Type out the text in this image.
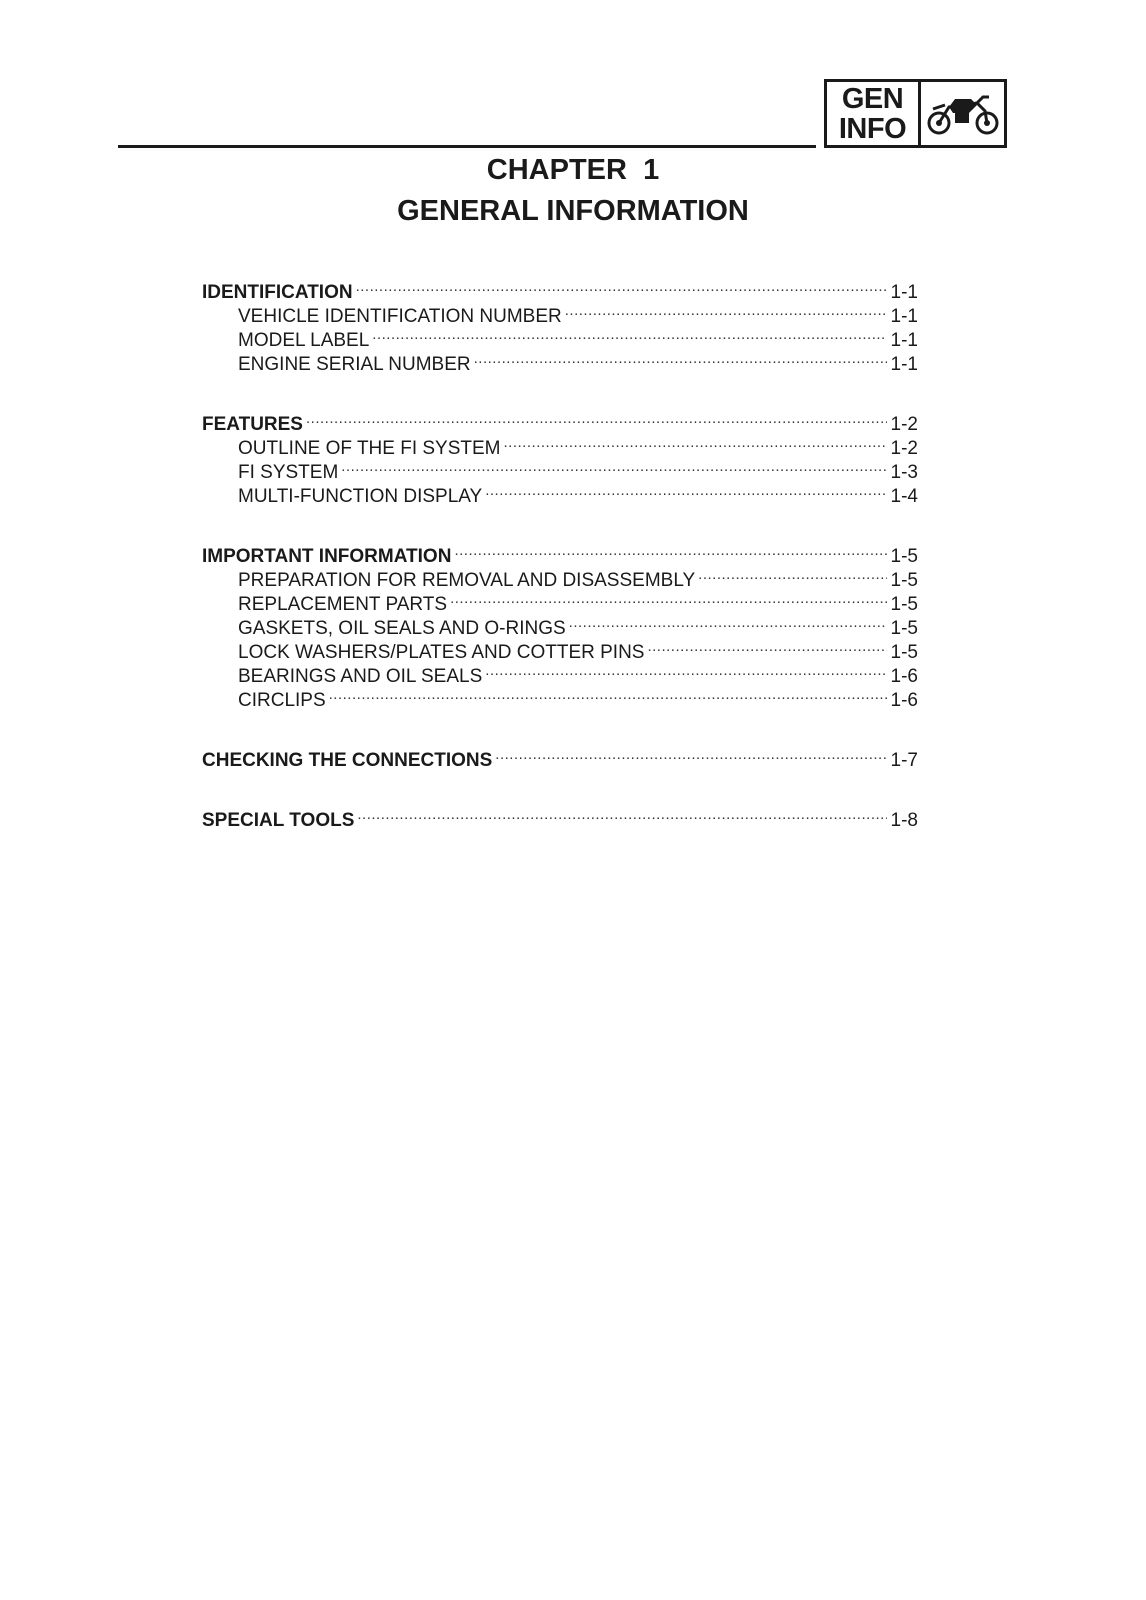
GEN
INFO
CHAPTER  1
GENERAL INFORMATION
IDENTIFICATION .....	1-1
VEHICLE IDENTIFICATION NUMBER .....	1-1
MODEL LABEL .....	1-1
ENGINE SERIAL NUMBER .....	1-1
FEATURES .....	1-2
OUTLINE OF THE FI SYSTEM .....	1-2
FI SYSTEM .....	1-3
MULTI-FUNCTION DISPLAY .....	1-4
IMPORTANT INFORMATION .....	1-5
PREPARATION FOR REMOVAL AND DISASSEMBLY .....	1-5
REPLACEMENT PARTS .....	1-5
GASKETS, OIL SEALS AND O-RINGS .....	1-5
LOCK WASHERS/PLATES AND COTTER PINS .....	1-5
BEARINGS AND OIL SEALS .....	1-6
CIRCLIPS .....	1-6
CHECKING THE CONNECTIONS .....	1-7
SPECIAL TOOLS .....	1-8
